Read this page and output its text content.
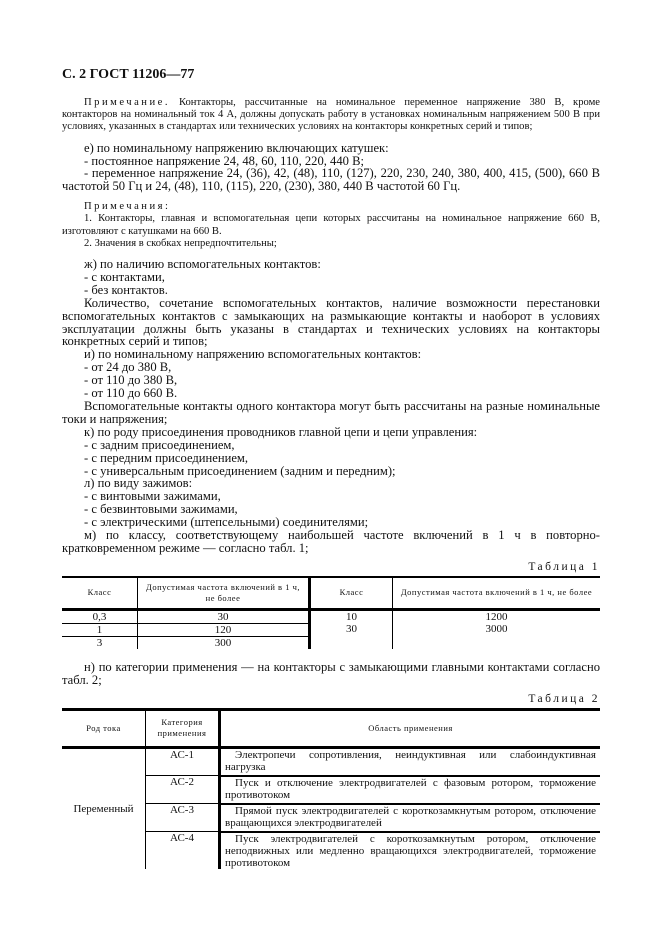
С. 2 ГОСТ 11206—77
Примечание. Контакторы, рассчитанные на номинальное переменное напряжение 380 В, кроме контакторов на номинальный ток 4 А, должны допускать работу в установках номинальным напряжением 500 В при условиях, указанных в стандартах или технических условиях на контакторы конкретных серий и типов;
е) по номинальному напряжению включающих катушек:
- постоянное напряжение 24, 48, 60, 110, 220, 440 В;
- переменное напряжение 24, (36), 42, (48), 110, (127), 220, 230, 240, 380, 400, 415, (500), 660 В частотой 50 Гц и 24, (48), 110, (115), 220, (230), 380, 440 В частотой 60 Гц.
Примечания:
1. Контакторы, главная и вспомогательная цепи которых рассчитаны на номинальное напряжение 660 В, изготовляют с катушками на 660 В.
2. Значения в скобках непредпочтительны;
ж) по наличию вспомогательных контактов:
- с контактами,
- без контактов.
Количество, сочетание вспомогательных контактов, наличие возможности перестановки вспомогательных контактов с замыкающих на размыкающие контакты и наоборот в условиях эксплуатации должны быть указаны в стандартах и технических условиях на контакторы конкретных серий и типов;
и) по номинальному напряжению вспомогательных контактов:
- от 24 до 380 В,
- от 110 до 380 В,
- от 110 до 660 В.
Вспомогательные контакты одного контактора могут быть рассчитаны на разные номинальные токи и напряжения;
к) по роду присоединения проводников главной цепи и цепи управления:
- с задним присоединением,
- с передним присоединением,
- с универсальным присоединением (задним и передним);
л) по виду зажимов:
- с винтовыми зажимами,
- с безвинтовыми зажимами,
- с электрическими (штепсельными) соединителями;
м) по классу, соответствующему наибольшей частоте включений в 1 ч в повторно-кратковременном режиме — согласно табл. 1;
Таблица 1
Класс	Допустимая частота включений в 1 ч, не более	Класс	Допустимая частота включений в 1 ч, не более
0,3	30	10	1200
1	120	30	3000
3	300		
н) по категории применения — на контакторы с замыкающими главными контактами согласно табл. 2;
Таблица 2
Род тока	Категория применения	Область применения
Переменный	АС-1	Электропечи сопротивления, неиндуктивная или слабоиндуктивная нагрузка
	АС-2	Пуск и отключение электродвигателей с фазовым ротором, торможение противотоком
	АС-3	Прямой пуск электродвигателей с короткозамкнутым ротором, отключение вращающихся электродвигателей
	АС-4	Пуск электродвигателей с короткозамкнутым ротором, отключение неподвижных или медленно вращающихся электродвигателей, торможение противотоком
